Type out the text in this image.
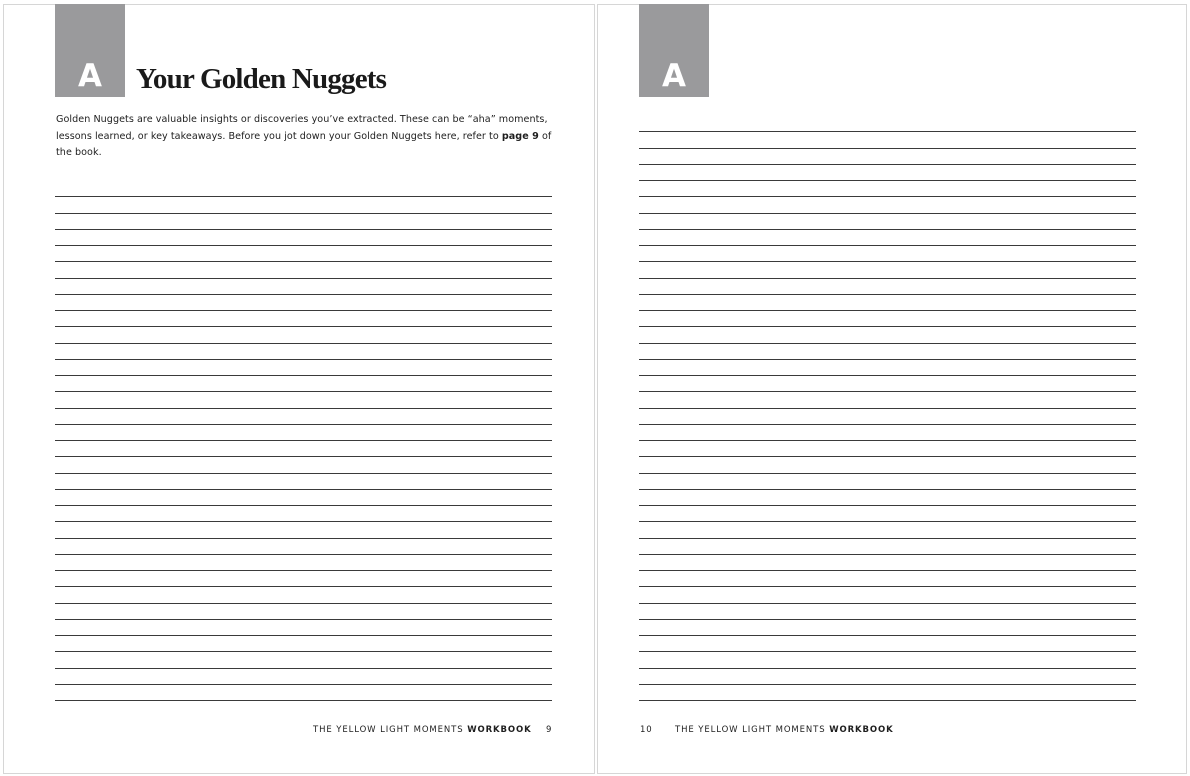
A	Your Golden Nuggets

Golden Nuggets are valuable insights or discoveries you’ve extracted. These can be “aha” moments, lessons learned, or key takeaways. Before you jot down your Golden Nuggets here, refer to page 9 of the book.

THE YELLOW LIGHT MOMENTS WORKBOOK 9
A
10	THE YELLOW LIGHT MOMENTS WORKBOOK
